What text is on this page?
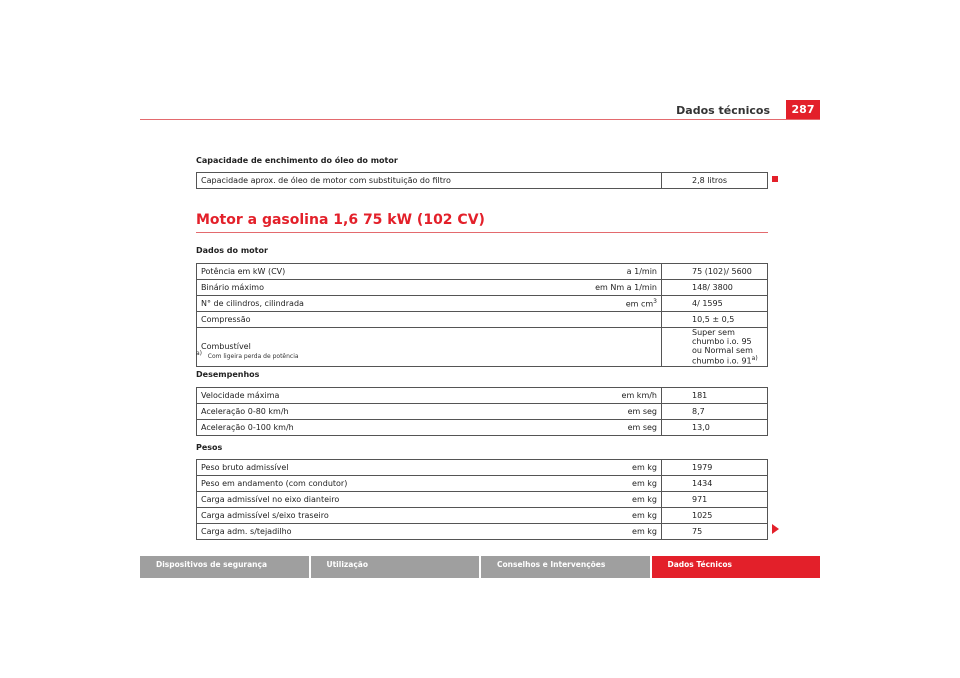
Dados técnicos	287
Capacidade de enchimento do óleo do motor
Capacidade aprox. de óleo de motor com substituição do filtro		2,8 litros
Motor a gasolina 1,6 75 kW (102 CV)
Dados do motor
Potência em kW (CV)	a 1/min	75 (102)/ 5600
Binário máximo	em Nm a 1/min	148/ 3800
N° de cilindros, cilindrada	em $cm^3$	4/ 1595
Compressão		10,5 ± 0,5
Combustível		Super sem chumbo i.o. 95 ou Normal sem chumbo i.o. 91$^{a)}$
$^{a)}$ Com ligeira perda de potência
Desempenhos
Velocidade máxima	em km/h	181
Aceleração 0-80 km/h	em seg	8,7
Aceleração 0-100 km/h	em seg	13,0
Pesos
Peso bruto admissível	em kg	1979
Peso em andamento (com condutor)	em kg	1434
Carga admissível no eixo dianteiro	em kg	971
Carga admissível s/eixo traseiro	em kg	1025
Carga adm. s/tejadilho	em kg	75
Dispositivos de segurança	Utilização	Conselhos e Intervenções	Dados Técnicos
